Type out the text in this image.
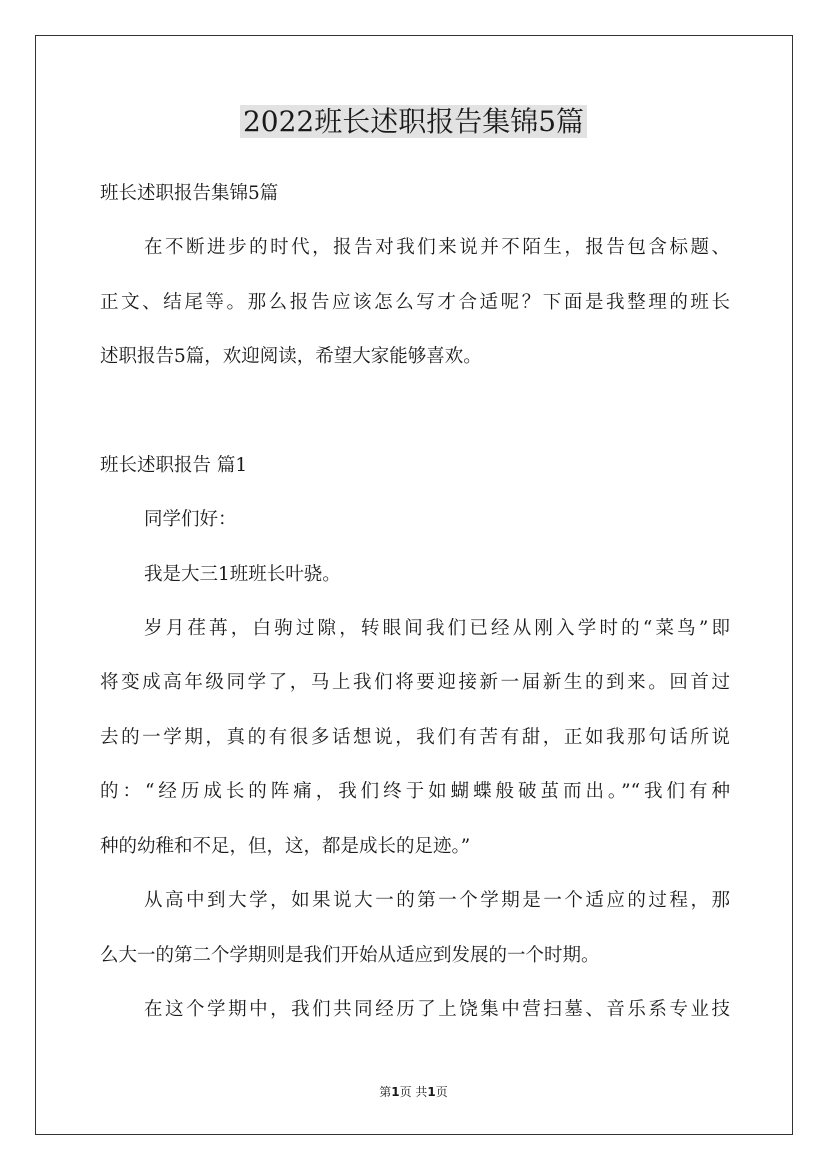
2022班长述职报告集锦5篇

班长述职报告集锦5篇

在不断进步的时代，报告对我们来说并不陌生，报告包含标题、

正文、结尾等。那么报告应该怎么写才合适呢？下面是我整理的班长

述职报告5篇，欢迎阅读，希望大家能够喜欢。

班长述职报告 篇1

同学们好：

我是大三1班班长叶骁。

岁月荏苒，白驹过隙，转眼间我们已经从刚入学时的“菜鸟”即

将变成高年级同学了，马上我们将要迎接新一届新生的到来。回首过

去的一学期，真的有很多话想说，我们有苦有甜，正如我那句话所说

的：“经历成长的阵痛，我们终于如蝴蝶般破茧而出。”“我们有种

种的幼稚和不足，但，这，都是成长的足迹。”

从高中到大学，如果说大一的第一个学期是一个适应的过程，那

么大一的第二个学期则是我们开始从适应到发展的一个时期。

在这个学期中，我们共同经历了上饶集中营扫墓、音乐系专业技

第1页 共1页
